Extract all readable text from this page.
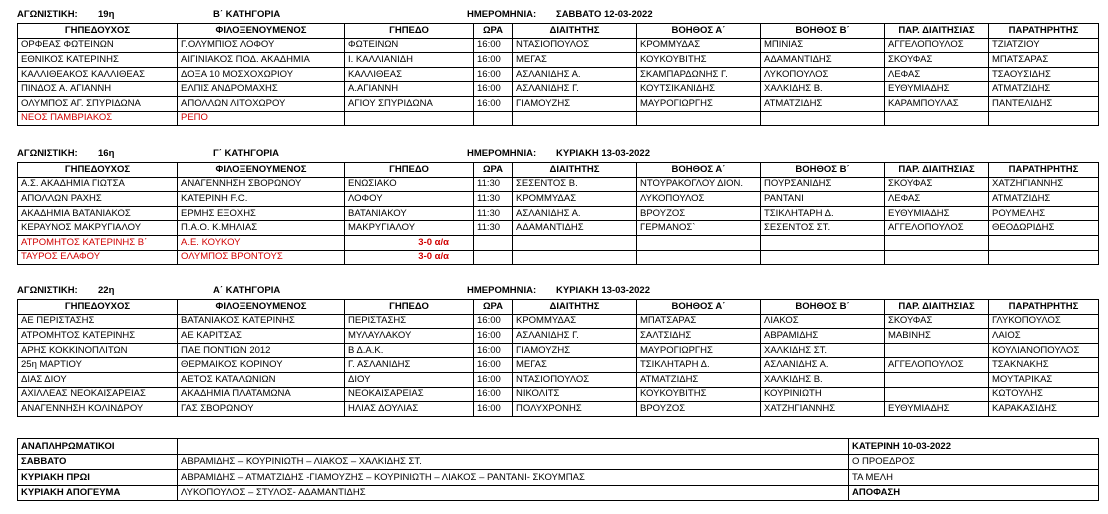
ΑΓΩΝΙΣΤΙΚΗ: 19η	Β΄ ΚΑΤΗΓΟΡΙΑ	ΗΜΕΡΟΜΗΝΙΑ: ΣΑΒΒΑΤΟ 12-03-2022
ΓΗΠΕΔΟΥΧΟΣ	ΦΙΛΟΞΕΝΟΥΜΕΝΟΣ	ΓΗΠΕΔΟ	ΩΡΑ	ΔΙΑΙΤΗΤΗΣ	ΒΟΗΘΟΣ Α΄	ΒΟΗΘΟΣ Β΄	ΠΑΡ. ΔΙΑΙΤΗΣΙΑΣ	ΠΑΡΑΤΗΡΗΤΗΣ
ΟΡΦΕΑΣ ΦΩΤΕΙΝΩΝ	Γ.ΟΛΥΜΠΙΟΣ ΛΟΦΟΥ	ΦΩΤΕΙΝΩΝ	16:00	ΝΤΑΣΙΟΠΟΥΛΟΣ	ΚΡΟΜΜΥΔΑΣ	ΜΠΙΝΙΑΣ	ΑΓΓΕΛΟΠΟΥΛΟΣ	ΤΖΙΑΤΖΙΟΥ
ΕΘΝΙΚΟΣ ΚΑΤΕΡΙΝΗΣ	ΑΙΓΙΝΙΑΚΟΣ ΠΟΔ. ΑΚΑΔΗΜΙΑ	Ι. ΚΑΛΛΙΑΝΙΔΗ	16:00	ΜΕΓΑΣ	ΚΟΥΚΟΥΒΙΤΗΣ	ΑΔΑΜΑΝΤΙΔΗΣ	ΣΚΟΥΦΑΣ	ΜΠΑΤΣΑΡΑΣ
ΚΑΛΛΙΘΕΑΚΟΣ ΚΑΛΛΙΘΕΑΣ	ΔΟΞΑ 10 ΜΟΣΧΟΧΩΡΙΟΥ	ΚΑΛΛΙΘΕΑΣ	16:00	ΑΣΛΑΝΙΔΗΣ Α.	ΣΚΑΜΠΑΡΔΩΝΗΣ Γ.	ΛΥΚΟΠΟΥΛΟΣ	ΛΕΦΑΣ	ΤΣΑΟΥΣΙΔΗΣ
ΠΙΝΔΟΣ Α. ΑΓΙΑΝΝΗ	ΕΛΠΙΣ ΑΝΔΡΟΜΑΧΗΣ	Α.ΑΓΙΑΝΝΗ	16:00	ΑΣΛΑΝΙΔΗΣ Γ.	ΚΟΥΤΣΙΚΑΝΙΔΗΣ	ΧΑΛΚΙΔΗΣ Β.	ΕΥΘΥΜΙΑΔΗΣ	ΑΤΜΑΤΖΙΔΗΣ
ΟΛΥΜΠΟΣ ΑΓ. ΣΠΥΡΙΔΩΝΑ	ΑΠΟΛΛΩΝ ΛΙΤΟΧΩΡΟΥ	ΑΓΙΟΥ ΣΠΥΡΙΔΩΝΑ	16:00	ΓΙΑΜΟΥΖΗΣ	ΜΑΥΡΟΓΙΩΡΓΗΣ	ΑΤΜΑΤΖΙΔΗΣ	ΚΑΡΑΜΠΟΥΛΑΣ	ΠΑΝΤΕΛΙΔΗΣ
ΝΕΟΣ ΠΑΜΒΡΙΑΚΟΣ	ΡΕΠΟ							
ΑΓΩΝΙΣΤΙΚΗ: 16η	Γ΄ ΚΑΤΗΓΟΡΙΑ	ΗΜΕΡΟΜΗΝΙΑ: ΚΥΡΙΑΚΗ 13-03-2022
ΓΗΠΕΔΟΥΧΟΣ	ΦΙΛΟΞΕΝΟΥΜΕΝΟΣ	ΓΗΠΕΔΟ	ΩΡΑ	ΔΙΑΙΤΗΤΗΣ	ΒΟΗΘΟΣ Α΄	ΒΟΗΘΟΣ Β΄	ΠΑΡ. ΔΙΑΙΤΗΣΙΑΣ	ΠΑΡΑΤΗΡΗΤΗΣ
Α.Σ. ΑΚΑΔΗΜΙΑ ΓΙΩΤΣΑ	ΑΝΑΓΕΝΝΗΣΗ ΣΒΟΡΩΝΟΥ	ΕΝΩΣΙΑΚΟ	11:30	ΣΕΣΕΝΤΟΣ Β.	ΝΤΟΥΡΑΚΟΓΛΟΥ ΔΙΟΝ.	ΠΟΥΡΣΑΝΙΔΗΣ	ΣΚΟΥΦΑΣ	ΧΑΤΖΗΓΙΑΝΝΗΣ
ΑΠΟΛΛΩΝ ΡΑΧΗΣ	ΚΑΤΕΡΙΝΗ F.C.	ΛΟΦΟΥ	11:30	ΚΡΟΜΜΥΔΑΣ	ΛΥΚΟΠΟΥΛΟΣ	ΡΑΝΤΑΝΙ	ΛΕΦΑΣ	ΑΤΜΑΤΖΙΔΗΣ
ΑΚΑΔΗΜΙΑ ΒΑΤΑΝΙΑΚΟΣ	ΕΡΜΗΣ ΕΞΟΧΗΣ	ΒΑΤΑΝΙΑΚΟΥ	11:30	ΑΣΛΑΝΙΔΗΣ Α.	ΒΡΟΥΖΟΣ	ΤΣΙΚΛΗΤΑΡΗ Δ.	ΕΥΘΥΜΙΑΔΗΣ	ΡΟΥΜΕΛΗΣ
ΚΕΡΑΥΝΟΣ ΜΑΚΡΥΓΙΑΛΟΥ	Π.Α.Ο. Κ.ΜΗΛΙΑΣ	ΜΑΚΡΥΓΙΑΛΟΥ	11:30	ΑΔΑΜΑΝΤΙΔΗΣ	ΓΕΡΜΑΝΟΣ`	ΣΕΣΕΝΤΟΣ ΣΤ.	ΑΓΓΕΛΟΠΟΥΛΟΣ	ΘΕΟΔΩΡΙΔΗΣ
ΑΤΡΟΜΗΤΟΣ ΚΑΤΕΡΙΝΗΣ Β΄	Α.Ε. ΚΟΥΚΟΥ	3-0 α/α						
ΤΑΥΡΟΣ ΕΛΑΦΟΥ	ΟΛΥΜΠΟΣ ΒΡΟΝΤΟΥΣ	3-0 α/α						
ΑΓΩΝΙΣΤΙΚΗ: 22η	Α΄ ΚΑΤΗΓΟΡΙΑ	ΗΜΕΡΟΜΗΝΙΑ: ΚΥΡΙΑΚΗ 13-03-2022
ΓΗΠΕΔΟΥΧΟΣ	ΦΙΛΟΞΕΝΟΥΜΕΝΟΣ	ΓΗΠΕΔΟ	ΩΡΑ	ΔΙΑΙΤΗΤΗΣ	ΒΟΗΘΟΣ Α΄	ΒΟΗΘΟΣ Β΄	ΠΑΡ. ΔΙΑΙΤΗΣΙΑΣ	ΠΑΡΑΤΗΡΗΤΗΣ
ΑΕ ΠΕΡΙΣΤΑΣΗΣ	ΒΑΤΑΝΙΑΚΟΣ ΚΑΤΕΡΙΝΗΣ	ΠΕΡΙΣΤΑΣΗΣ	16:00	ΚΡΟΜΜΥΔΑΣ	ΜΠΑΤΣΑΡΑΣ	ΛΙΑΚΟΣ	ΣΚΟΥΦΑΣ	ΓΛΥΚΟΠΟΥΛΟΣ
ΑΤΡΟΜΗΤΟΣ ΚΑΤΕΡΙΝΗΣ	ΑΕ ΚΑΡΙΤΣΑΣ	ΜΥΛΑΥΛΑΚΟΥ	16:00	ΑΣΛΑΝΙΔΗΣ Γ.	ΣΑΛΤΣΙΔΗΣ	ΑΒΡΑΜΙΔΗΣ	ΜΑΒΙΝΗΣ	ΛΑΙΟΣ
ΑΡΗΣ ΚΟΚΚΙΝΟΠΛΙΤΩΝ	ΠΑΕ ΠΟΝΤΙΩΝ 2012	Β Δ.Α.Κ.	16:00	ΓΙΑΜΟΥΖΗΣ	ΜΑΥΡΟΓΙΩΡΓΗΣ	ΧΑΛΚΙΔΗΣ ΣΤ.		ΚΟΥΛΙΑΝΟΠΟΥΛΟΣ
25η ΜΑΡΤΙΟΥ	ΘΕΡΜΑΙΚΟΣ ΚΟΡΙΝΟΥ	Γ. ΑΣΛΑΝΙΔΗΣ	16:00	ΜΕΓΑΣ	ΤΣΙΚΛΗΤΑΡΗ Δ.	ΑΣΛΑΝΙΔΗΣ Α.	ΑΓΓΕΛΟΠΟΥΛΟΣ	ΤΣΑΚΝΑΚΗΣ
ΔΙΑΣ ΔΙΟΥ	ΑΕΤΟΣ ΚΑΤΑΛΩΝΙΩΝ	ΔΙΟΥ	16:00	ΝΤΑΣΙΟΠΟΥΛΟΣ	ΑΤΜΑΤΖΙΔΗΣ	ΧΑΛΚΙΔΗΣ Β.		ΜΟΥΤΑΡΙΚΑΣ
ΑΧΙΛΛΕΑΣ ΝΕΟΚΑΙΣΑΡΕΙΑΣ	ΑΚΑΔΗΜΙΑ ΠΛΑΤΑΜΩΝΑ	ΝΕΟΚΑΙΣΑΡΕΙΑΣ	16:00	ΝΙΚΟΛΙΤΣ	ΚΟΥΚΟΥΒΙΤΗΣ	ΚΟΥΡΙΝΙΩΤΗ		ΚΩΤΟΥΛΗΣ
ΑΝΑΓΕΝΝΗΣΗ ΚΟΛΙΝΔΡΟΥ	ΓΑΣ ΣΒΟΡΩΝΟΥ	ΗΛΙΑΣ ΔΟΥΛΙΑΣ	16:00	ΠΟΛΥΧΡΟΝΗΣ	ΒΡΟΥΖΟΣ	ΧΑΤΖΗΓΙΑΝΝΗΣ	ΕΥΘΥΜΙΑΔΗΣ	ΚΑΡΑΚΑΣΙΔΗΣ
ΑΝΑΠΛΗΡΩΜΑΤΙΚΟΙ		ΚΑΤΕΡΙΝΗ 10-03-2022
ΣΑΒΒΑΤΟ	ΑΒΡΑΜΙΔΗΣ – ΚΟΥΡΙΝΙΩΤΗ – ΛΙΑΚΟΣ – ΧΑΛΚΙΔΗΣ ΣΤ.	Ο ΠΡΟΕΔΡΟΣ
ΚΥΡΙΑΚΗ ΠΡΩΙ	ΑΒΡΑΜΙΔΗΣ – ΑΤΜΑΤΖΙΔΗΣ -ΓΙΑΜΟΥΖΗΣ – ΚΟΥΡΙΝΙΩΤΗ – ΛΙΑΚΟΣ – ΡΑΝΤΑΝΙ- ΣΚΟΥΜΠΑΣ	ΤΑ ΜΕΛΗ
ΚΥΡΙΑΚΗ ΑΠΟΓΕΥΜΑ	ΛΥΚΟΠΟΥΛΟΣ – ΣΤΥΛΟΣ- ΑΔΑΜΑΝΤΙΔΗΣ	ΑΠΟΦΑΣΗ
